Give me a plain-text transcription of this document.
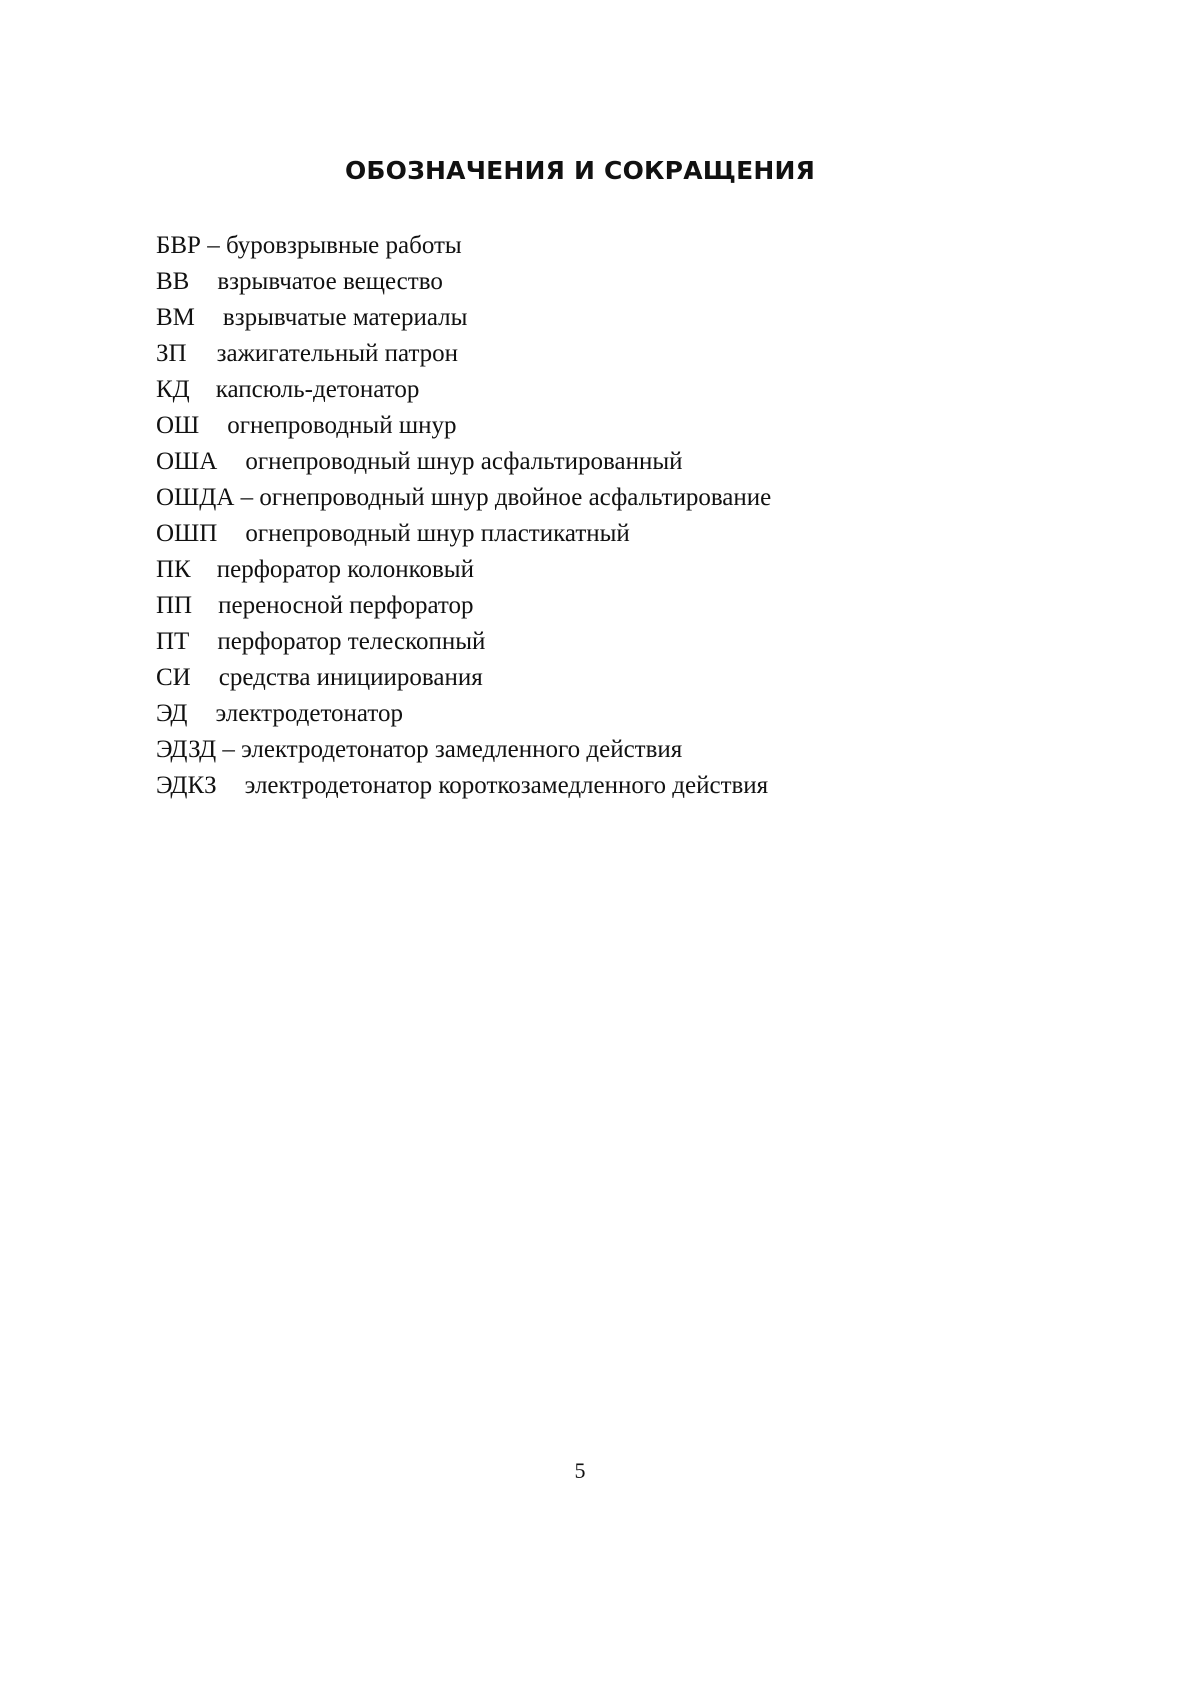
ОБОЗНАЧЕНИЯ И СОКРАЩЕНИЯ
БВР – буровзрывные работы
ВВ взрывчатое вещество
ВМ взрывчатые материалы
ЗП зажигательный патрон
КД капсюль-детонатор
ОШ огнепроводный шнур
ОША огнепроводный шнур асфальтированный
ОШДА – огнепроводный шнур двойное асфальтирование
ОШП огнепроводный шнур пластикатный
ПК перфоратор колонковый
ПП переносной перфоратор
ПТ перфоратор телескопный
СИ средства инициирования
ЭД электродетонатор
ЭДЗД – электродетонатор замедленного действия
ЭДКЗ электродетонатор короткозамедленного действия
5
